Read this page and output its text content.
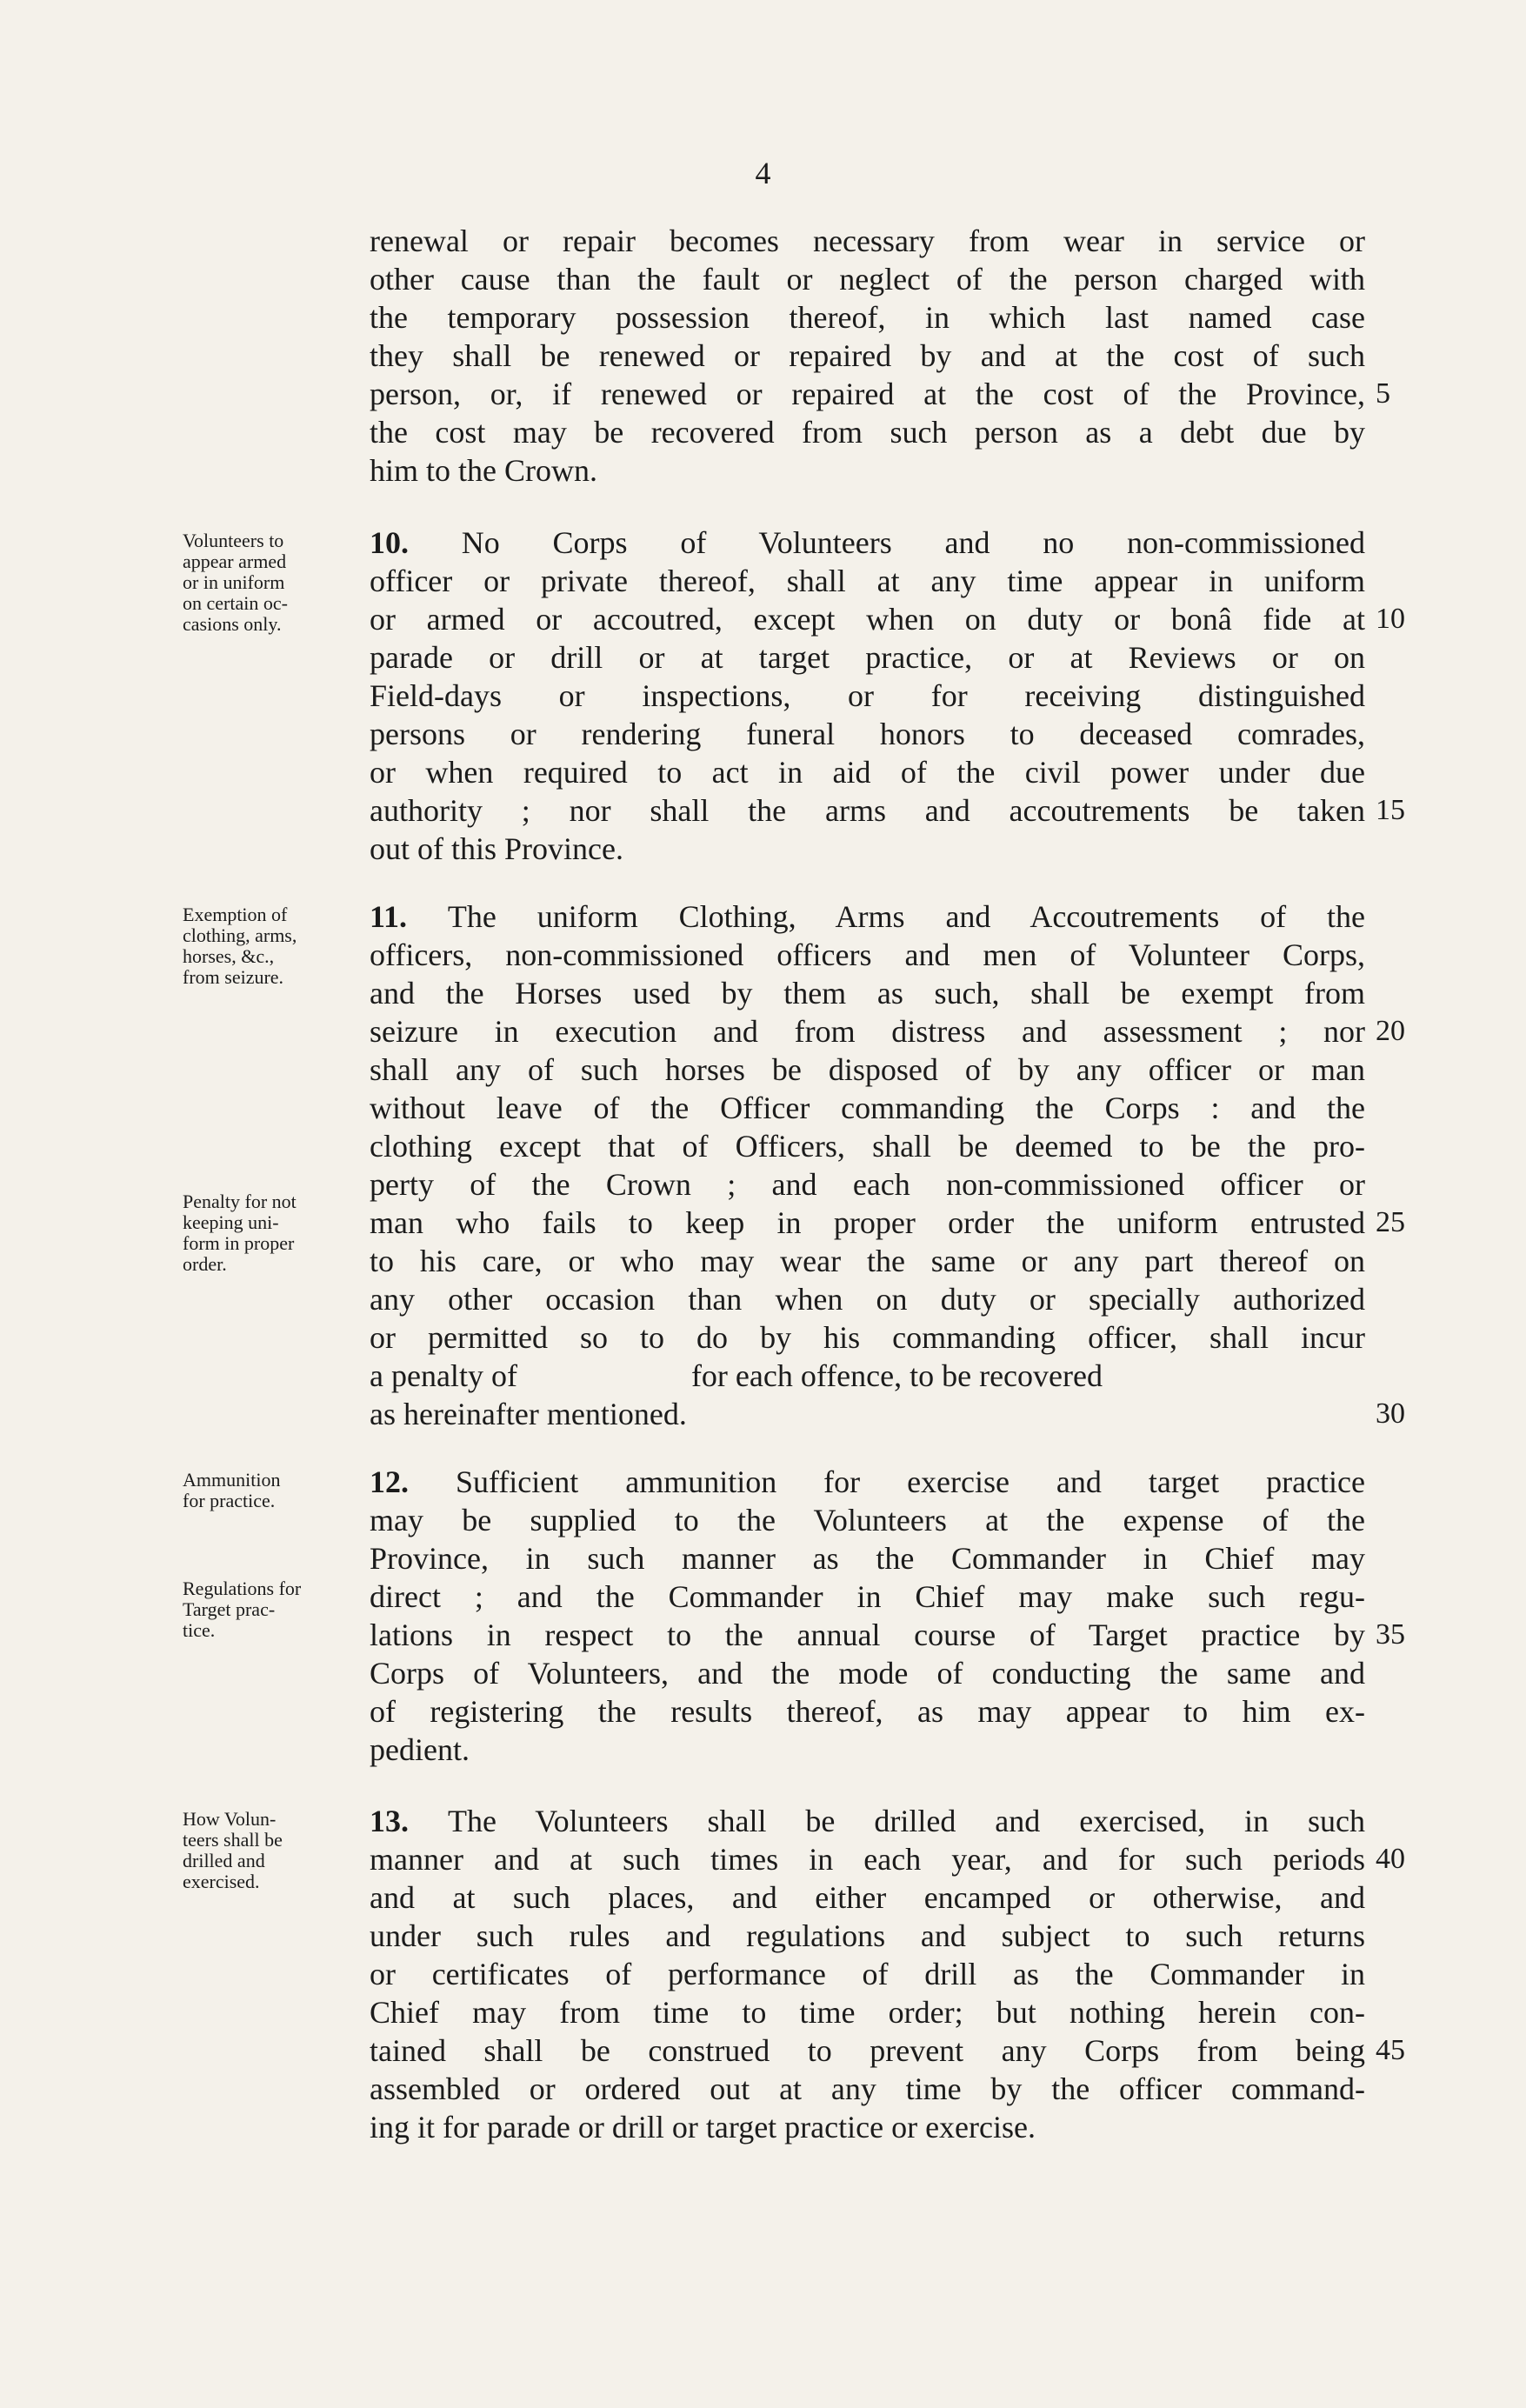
4
renewal or repair becomes necessary from wear in service or
other cause than the fault or neglect of the person charged with
the temporary possession thereof, in which last named case
they shall be renewed or repaired by and at the cost of such
person, or, if renewed or repaired at the cost of the Province,
the cost may be recovered from such person as a debt due by
him to the Crown.
5
Volunteers to
appear armed
or in uniform
on certain oc-
casions only.
10. No Corps of Volunteers and no non-commissioned
officer or private thereof, shall at any time appear in uniform
or armed or accoutred, except when on duty or bonâ fide at
parade or drill or at target practice, or at Reviews or on
Field-days or inspections, or for receiving distinguished
persons or rendering funeral honors to deceased comrades,
or when required to act in aid of the civil power under due
authority ; nor shall the arms and accoutrements be taken
out of this Province.
10
15
Exemption of
clothing, arms,
horses, &c.,
from seizure.
Penalty for not
keeping uni-
form in proper
order.
11. The uniform Clothing, Arms and Accoutrements of the
officers, non-commissioned officers and men of Volunteer Corps,
and the Horses used by them as such, shall be exempt from
seizure in execution and from distress and assessment ; nor
shall any of such horses be disposed of by any officer or man
without leave of the Officer commanding the Corps : and the
clothing except that of Officers, shall be deemed to be the pro-
perty of the Crown ; and each non-commissioned officer or
man who fails to keep in proper order the uniform entrusted
to his care, or who may wear the same or any part thereof on
any other occasion than when on duty or specially authorized
or permitted so to do by his commanding officer, shall incur
a penalty of	for each offence, to be recovered
as hereinafter mentioned.
20
25
30
Ammunition
for practice.
Regulations for
Target prac-
tice.
12. Sufficient ammunition for exercise and target practice
may be supplied to the Volunteers at the expense of the
Province, in such manner as the Commander in Chief may
direct ; and the Commander in Chief may make such regu-
lations in respect to the annual course of Target practice by
Corps of Volunteers, and the mode of conducting the same and
of registering the results thereof, as may appear to him ex-
pedient.
35
How Volun-
teers shall be
drilled and
exercised.
13. The Volunteers shall be drilled and exercised, in such
manner and at such times in each year, and for such periods
and at such places, and either encamped or otherwise, and
under such rules and regulations and subject to such returns
or certificates of performance of drill as the Commander in
Chief may from time to time order; but nothing herein con-
tained shall be construed to prevent any Corps from being
assembled or ordered out at any time by the officer command-
ing it for parade or drill or target practice or exercise.
40
45
